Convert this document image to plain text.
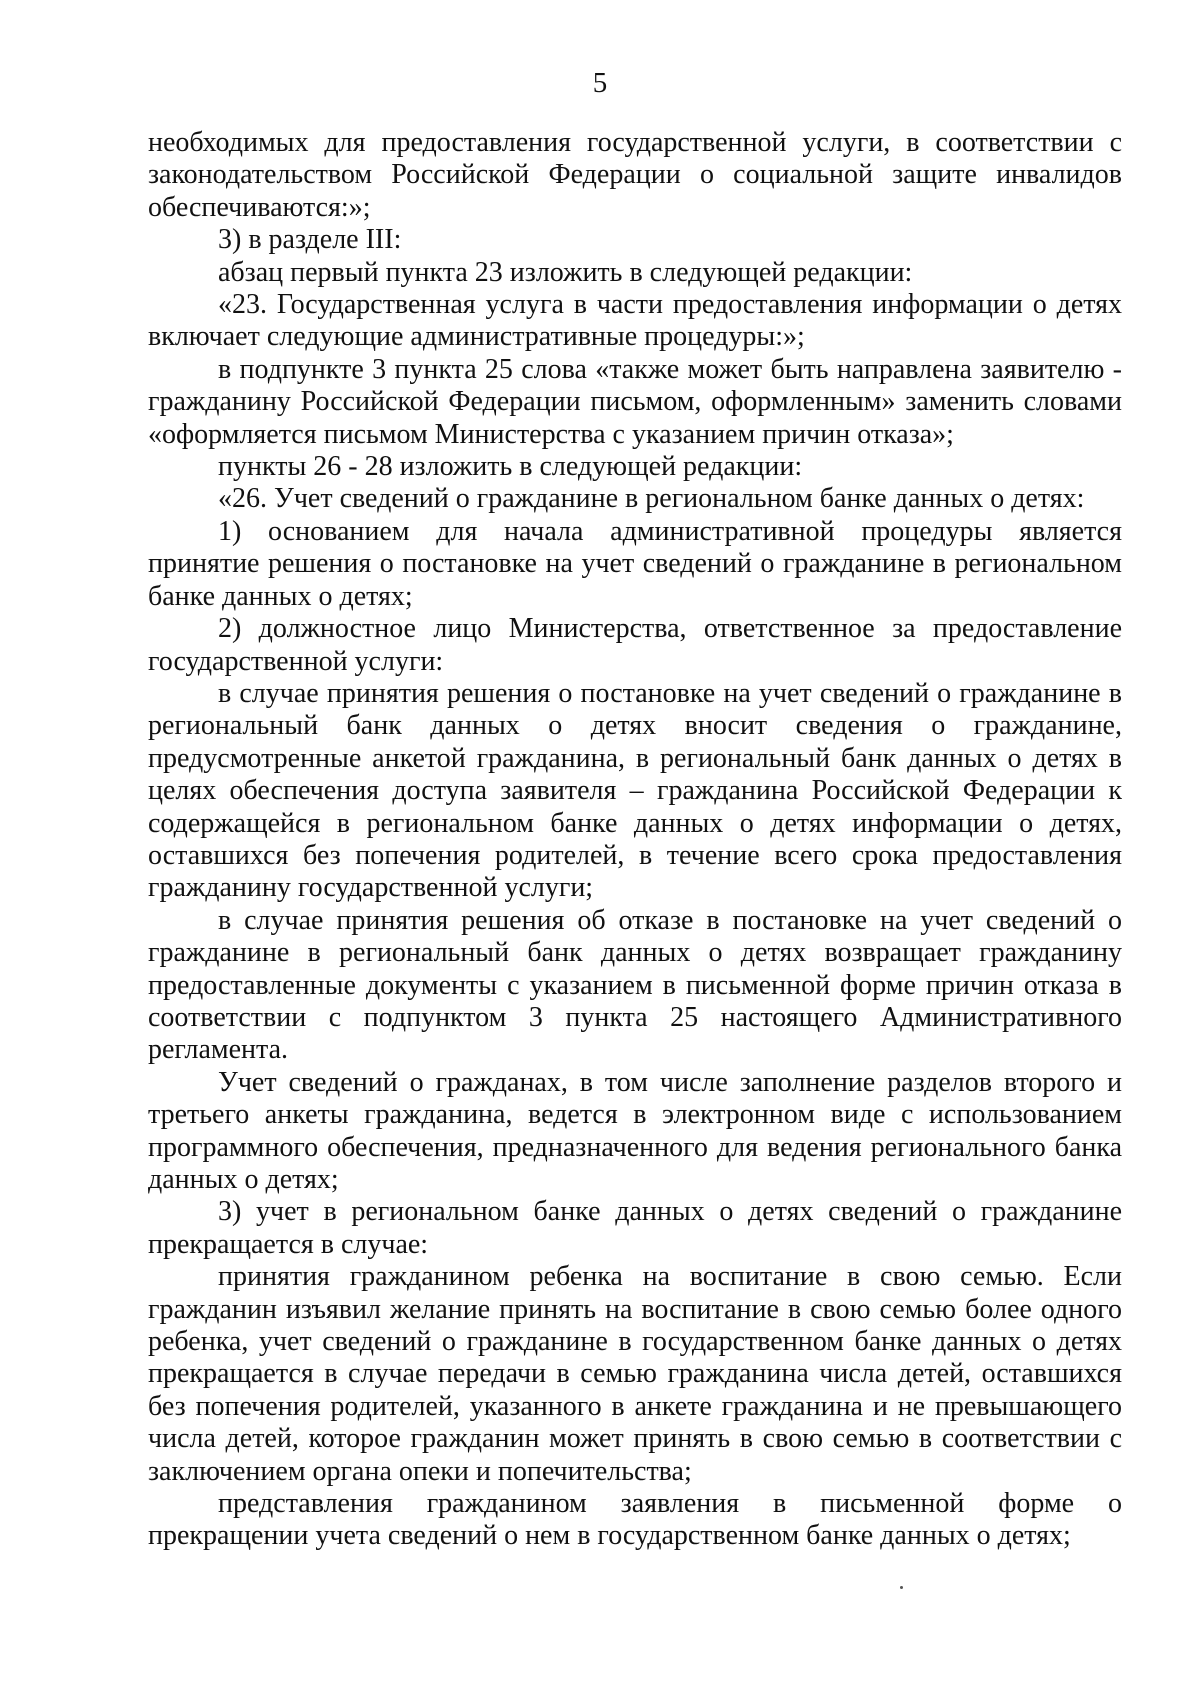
5

необходимых для предоставления государственной услуги, в соответствии с законодательством Российской Федерации о социальной защите инвалидов обеспечиваются:»;

3) в разделе III:

абзац первый пункта 23 изложить в следующей редакции:

«23. Государственная услуга в части предоставления информации о детях включает следующие административные процедуры:»;

в подпункте 3 пункта 25 слова «также может быть направлена заявителю - гражданину Российской Федерации письмом, оформленным» заменить словами «оформляется письмом Министерства с указанием причин отказа»;

пункты 26 - 28 изложить в следующей редакции:

«26. Учет сведений о гражданине в региональном банке данных о детях:

1) основанием для начала административной процедуры является принятие решения о постановке на учет сведений о гражданине в региональном банке данных о детях;

2) должностное лицо Министерства, ответственное за предоставление государственной услуги:

в случае принятия решения о постановке на учет сведений о гражданине в региональный банк данных о детях вносит сведения о гражданине, предусмотренные анкетой гражданина, в региональный банк данных о детях в целях обеспечения доступа заявителя – гражданина Российской Федерации к содержащейся в региональном банке данных о детях информации о детях, оставшихся без попечения родителей, в течение всего срока предоставления гражданину государственной услуги;

в случае принятия решения об отказе в постановке на учет сведений о гражданине в региональный банк данных о детях возвращает гражданину предоставленные документы с указанием в письменной форме причин отказа в соответствии с подпунктом 3 пункта 25 настоящего Административного регламента.

Учет сведений о гражданах, в том числе заполнение разделов второго и третьего анкеты гражданина, ведется в электронном виде с использованием программного обеспечения, предназначенного для ведения регионального банка данных о детях;

3) учет в региональном банке данных о детях сведений о гражданине прекращается в случае:

принятия гражданином ребенка на воспитание в свою семью. Если гражданин изъявил желание принять на воспитание в свою семью более одного ребенка, учет сведений о гражданине в государственном банке данных о детях прекращается в случае передачи в семью гражданина числа детей, оставшихся без попечения родителей, указанного в анкете гражданина и не превышающего числа детей, которое гражданин может принять в свою семью в соответствии с заключением органа опеки и попечительства;

представления гражданином заявления в письменной форме о прекращении учета сведений о нем в государственном банке данных о детях;
